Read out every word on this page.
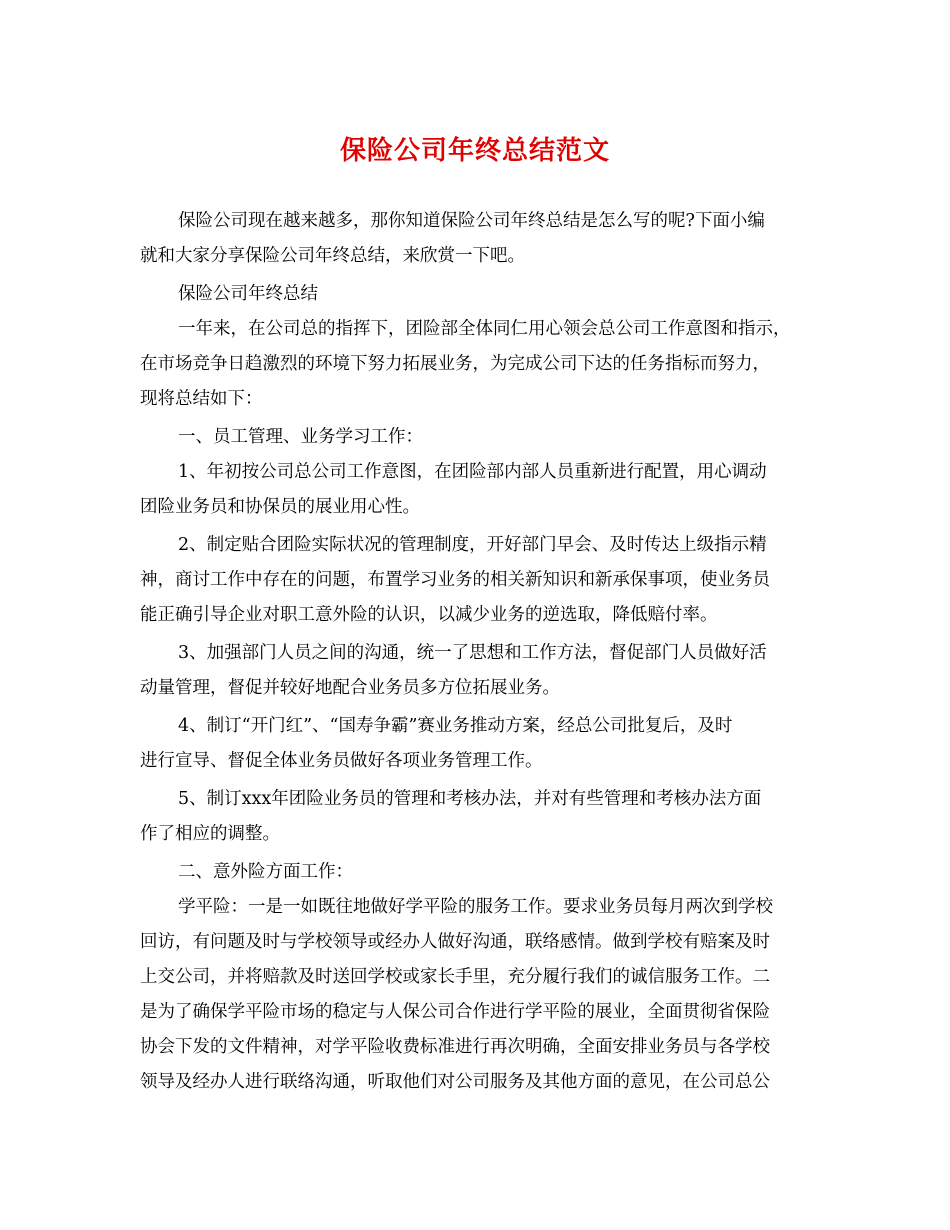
保险公司年终总结范文
保险公司现在越来越多，那你知道保险公司年终总结是怎么写的呢?下面小编
就和大家分享保险公司年终总结，来欣赏一下吧。
保险公司年终总结
一年来，在公司总的指挥下，团险部全体同仁用心领会总公司工作意图和指示，
在市场竞争日趋激烈的环境下努力拓展业务，为完成公司下达的任务指标而努力，
现将总结如下：
一、员工管理、业务学习工作：
1、年初按公司总公司工作意图，在团险部内部人员重新进行配置，用心调动
团险业务员和协保员的展业用心性。
2、制定贴合团险实际状况的管理制度，开好部门早会、及时传达上级指示精
神，商讨工作中存在的问题，布置学习业务的相关新知识和新承保事项，使业务员
能正确引导企业对职工意外险的认识，以减少业务的逆选取，降低赔付率。
3、加强部门人员之间的沟通，统一了思想和工作方法，督促部门人员做好活
动量管理，督促并较好地配合业务员多方位拓展业务。
4、制订“开门红”、“国寿争霸”赛业务推动方案，经总公司批复后，及时
进行宣导、督促全体业务员做好各项业务管理工作。
5、制订xxx年团险业务员的管理和考核办法，并对有些管理和考核办法方面
作了相应的调整。
二、意外险方面工作：
学平险：一是一如既往地做好学平险的服务工作。要求业务员每月两次到学校
回访，有问题及时与学校领导或经办人做好沟通，联络感情。做到学校有赔案及时
上交公司，并将赔款及时送回学校或家长手里，充分履行我们的诚信服务工作。二
是为了确保学平险市场的稳定与人保公司合作进行学平险的展业，全面贯彻省保险
协会下发的文件精神，对学平险收费标准进行再次明确，全面安排业务员与各学校
领导及经办人进行联络沟通，听取他们对公司服务及其他方面的意见，在公司总公
